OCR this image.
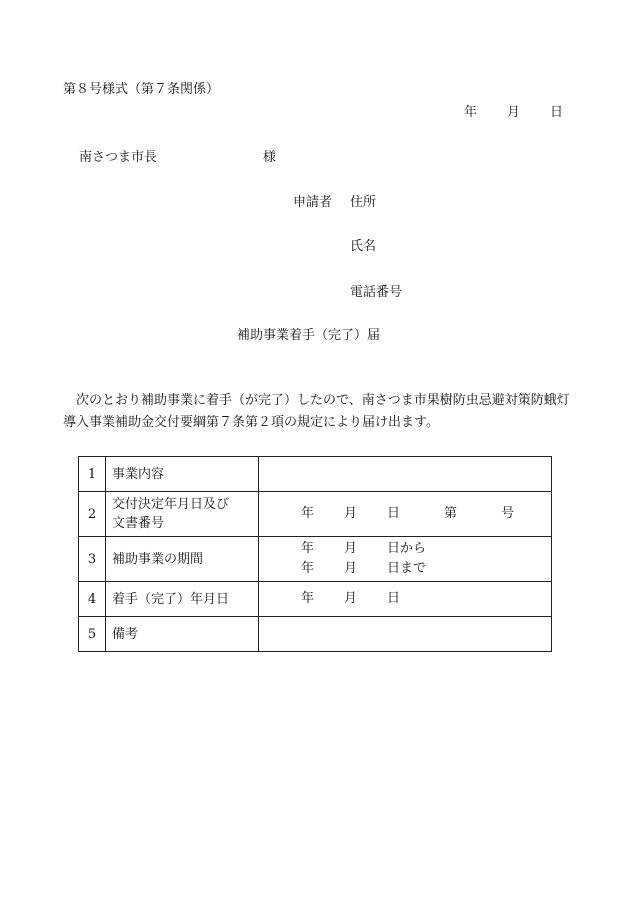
第８号様式（第７条関係）
年 月 日
南さつま市長	様
申請者 住所
氏名
電話番号
補助事業着手（完了）届
次のとおり補助事業に着手（が完了）したので、南さつま市果樹防虫忌避対策防蛾灯導入事業補助金交付要綱第７条第２項の規定により届け出ます。
1	事業内容	
2	交付決定年月日及び
文書番号	年 月 日 第 号
3	補助事業の期間	年 月 日から
年 月 日まで

4	着手（完了）年月日	年 月 日
5	備考	
